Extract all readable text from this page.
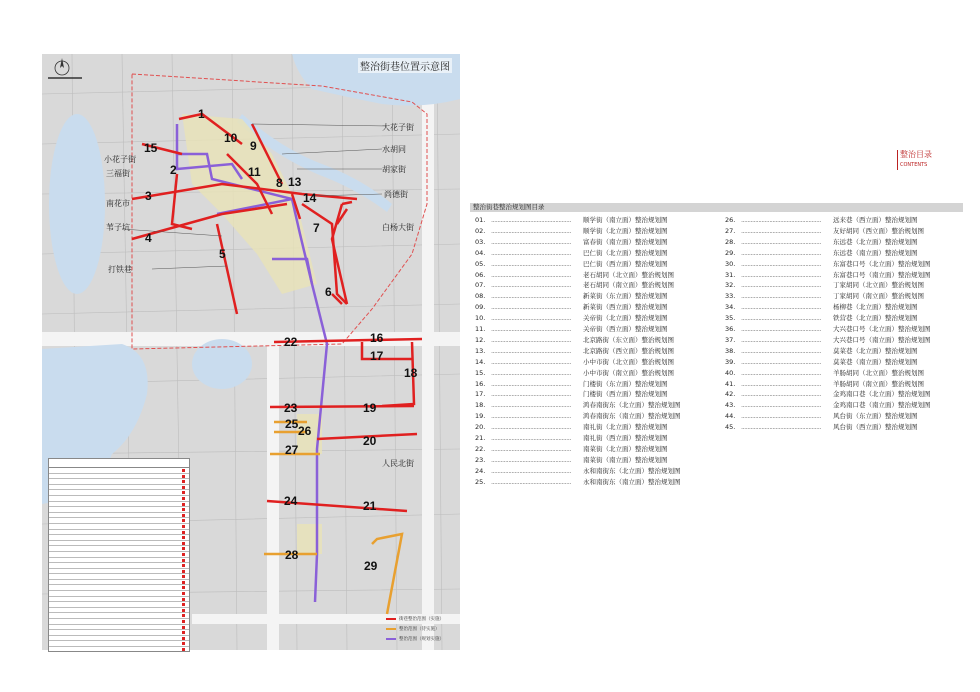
大花子街
水胡同
胡家街
尚德街
白杨大街
小花子街
三福街
南花市
苇子坑
打铁巷
人民北街
1
2
3
4
5
6
7
8
9
10
11
13
14
15
16
17
18
19
20
21
22
23
24
25 26
27
28
29
整治街巷位置示意图

街巷整治范围（实施）
整治范围（待实施）
整治范围（规划实施）
整治目录
CONTENTS
整治街巷整治规划图目录
01. ................................................... 顺学街（南立面）整治规划图
02. ................................................... 顺学街（北立面）整治规划图
03. ................................................... 富春街（南立面）整治规划图
04. ................................................... 巴仁街（北立面）整治规划图
05. ................................................... 巴仁街（西立面）整治规划图
06. ................................................... 老石胡同（北立面）整治规划图
07. ................................................... 老石胡同（南立面）整治规划图
08. ................................................... 新菜街（东立面）整治规划图
09. ................................................... 新菜街（西立面）整治规划图
10. ................................................... 关帝街（北立面）整治规划图
11. ................................................... 关帝街（西立面）整治规划图
12. ................................................... 北京路街（东立面）整治规划图
13. ................................................... 北京路街（西立面）整治规划图
14. ................................................... 小中市街（北立面）整治规划图
15. ................................................... 小中市街（南立面）整治规划图
16. ................................................... 门楼街（东立面）整治规划图
17. ................................................... 门楼街（西立面）整治规划图
18. ................................................... 鸿春南街东（北立面）整治规划图
19. ................................................... 鸿春南街东（南立面）整治规划图
20. ................................................... 南礼街（北立面）整治规划图
21. ................................................... 南礼街（西立面）整治规划图
22. ................................................... 南菜街（北立面）整治规划图
23. ................................................... 南菜街（南立面）整治规划图
24. ................................................... 永和南街东（北立面）整治规划图
25. ................................................... 永和南街东（南立面）整治规划图
26. ................................................... 远来巷（西立面）整治规划图
27. ................................................... 友好胡同（西立面）整治规划图
28. ................................................... 东远巷（北立面）整治规划图
29. ................................................... 东远巷（南立面）整治规划图
30. ................................................... 东富巷口号（北立面）整治规划图
31. ................................................... 东富巷口号（南立面）整治规划图
32. ................................................... 丁家胡同（北立面）整治规划图
33. ................................................... 丁家胡同（南立面）整治规划图
34. ................................................... 杨柳巷（北立面）整治规划图
35. ................................................... 铁营巷（北立面）整治规划图
36. ................................................... 大兴巷口号（北立面）整治规划图
37. ................................................... 大兴巷口号（南立面）整治规划图
38. ................................................... 莫菜巷（北立面）整治规划图
39. ................................................... 莫菜巷（南立面）整治规划图
40. ................................................... 羊肠胡同（北立面）整治规划图
41. ................................................... 羊肠胡同（南立面）整治规划图
42. ................................................... 金鸡南口巷（北立面）整治规划图
43. ................................................... 金鸡南口巷（南立面）整治规划图
44. ................................................... 风台街（东立面）整治规划图
45. ................................................... 风台街（西立面）整治规划图
